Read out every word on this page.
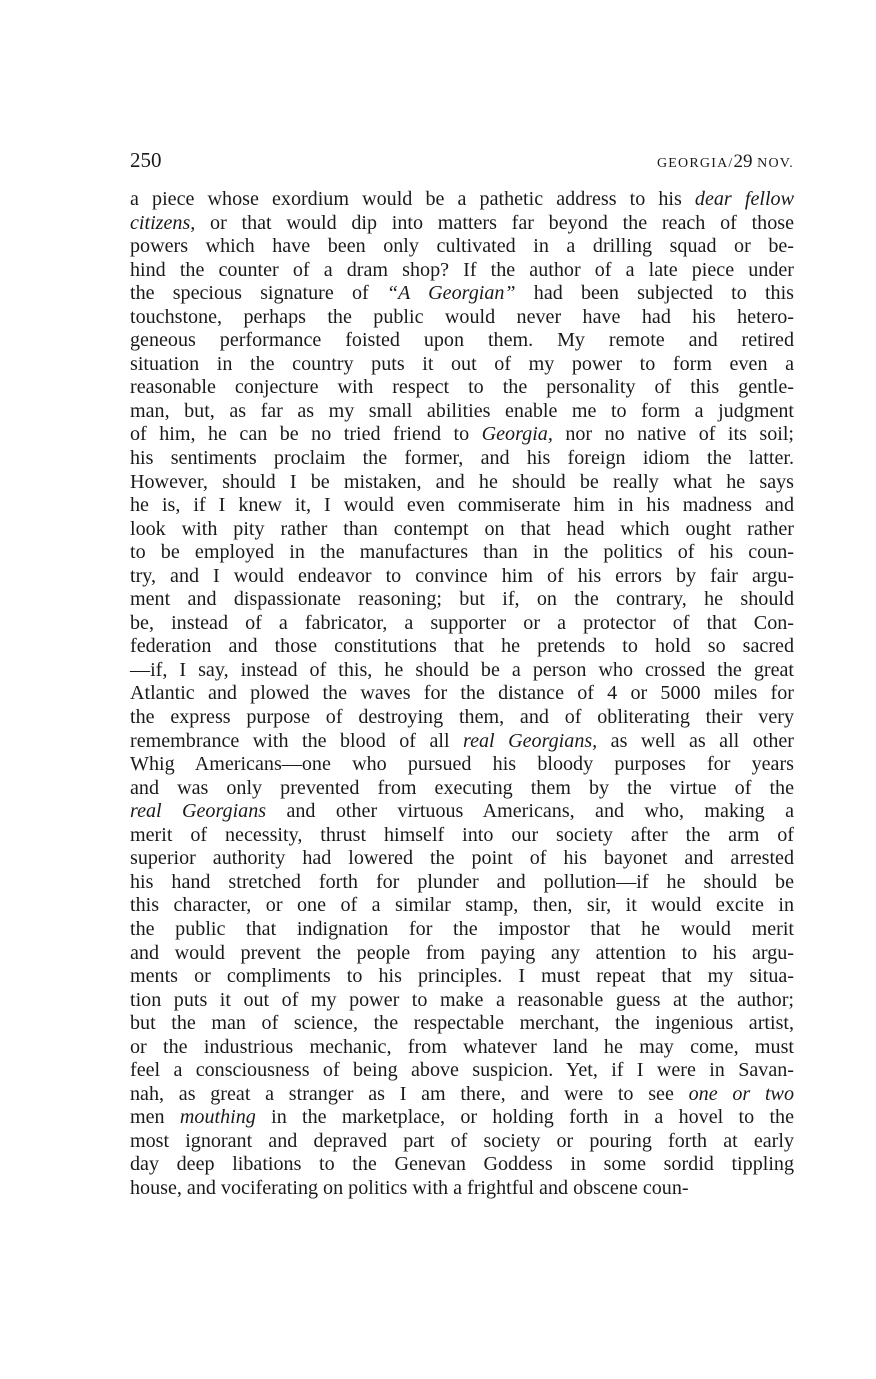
250	GEORGIA/29 NOV.
a piece whose exordium would be a pathetic address to his dear fellow
citizens, or that would dip into matters far beyond the reach of those
powers which have been only cultivated in a drilling squad or be-
hind the counter of a dram shop? If the author of a late piece under
the specious signature of “A Georgian” had been subjected to this
touchstone, perhaps the public would never have had his hetero-
geneous performance foisted upon them. My remote and retired
situation in the country puts it out of my power to form even a
reasonable conjecture with respect to the personality of this gentle-
man, but, as far as my small abilities enable me to form a judgment
of him, he can be no tried friend to Georgia, nor no native of its soil;
his sentiments proclaim the former, and his foreign idiom the latter.
However, should I be mistaken, and he should be really what he says
he is, if I knew it, I would even commiserate him in his madness and
look with pity rather than contempt on that head which ought rather
to be employed in the manufactures than in the politics of his coun-
try, and I would endeavor to convince him of his errors by fair argu-
ment and dispassionate reasoning; but if, on the contrary, he should
be, instead of a fabricator, a supporter or a protector of that Con-
federation and those constitutions that he pretends to hold so sacred
—if, I say, instead of this, he should be a person who crossed the great
Atlantic and plowed the waves for the distance of 4 or 5000 miles for
the express purpose of destroying them, and of obliterating their very
remembrance with the blood of all real Georgians, as well as all other
Whig Americans—one who pursued his bloody purposes for years
and was only prevented from executing them by the virtue of the
real Georgians and other virtuous Americans, and who, making a
merit of necessity, thrust himself into our society after the arm of
superior authority had lowered the point of his bayonet and arrested
his hand stretched forth for plunder and pollution—if he should be
this character, or one of a similar stamp, then, sir, it would excite in
the public that indignation for the impostor that he would merit
and would prevent the people from paying any attention to his argu-
ments or compliments to his principles. I must repeat that my situa-
tion puts it out of my power to make a reasonable guess at the author;
but the man of science, the respectable merchant, the ingenious artist,
or the industrious mechanic, from whatever land he may come, must
feel a consciousness of being above suspicion. Yet, if I were in Savan-
nah, as great a stranger as I am there, and were to see one or two
men mouthing in the marketplace, or holding forth in a hovel to the
most ignorant and depraved part of society or pouring forth at early
day deep libations to the Genevan Goddess in some sordid tippling
house, and vociferating on politics with a frightful and obscene coun-
